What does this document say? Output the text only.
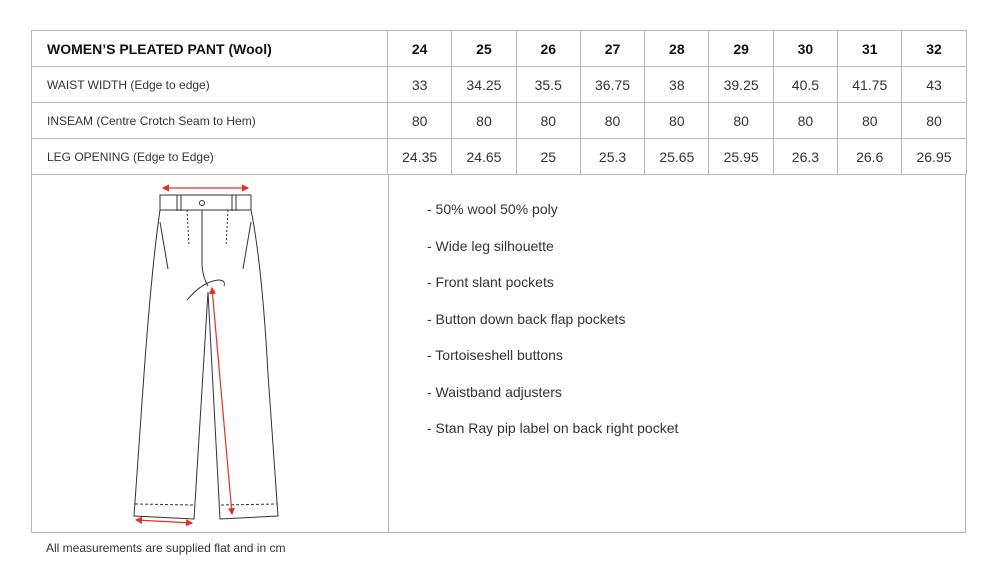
WOMEN’S PLEATED PANT (Wool)	24	25	26	27	28	29	30	31	32
WAIST WIDTH (Edge to edge)	33	34.25	35.5	36.75	38	39.25	40.5	41.75	43
INSEAM (Centre Crotch Seam to Hem)	80	80	80	80	80	80	80	80	80
LEG OPENING (Edge to Edge)	24.35	24.65	25	25.3	25.65	25.95	26.3	26.6	26.95
- 50% wool 50% poly
- Wide leg silhouette
- Front slant pockets
- Button down back flap pockets
- Tortoiseshell buttons
- Waistband adjusters
- Stan Ray pip label on back right pocket
All measurements are supplied flat and in cm
